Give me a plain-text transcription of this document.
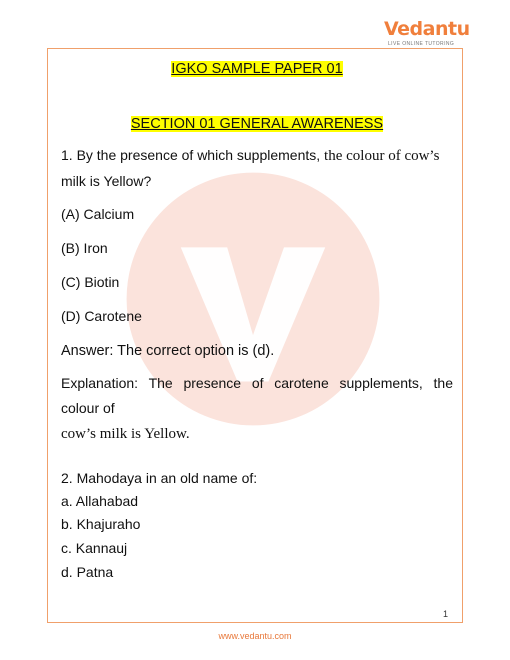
Vedantu
LIVE ONLINE TUTORING
IGKO SAMPLE PAPER 01
SECTION 01 GENERAL AWARENESS
1. By the presence of which supplements, the colour of cow’s
milk is Yellow?
(A) Calcium
(B) Iron
(C) Biotin
(D) Carotene
Answer: The correct option is (d).
Explanation: The presence of carotene supplements, the colour of
cow’s milk is Yellow.
2. Mahodaya in an old name of:
a. Allahabad
b. Khajuraho
c. Kannauj
d. Patna
1
www.vedantu.com
